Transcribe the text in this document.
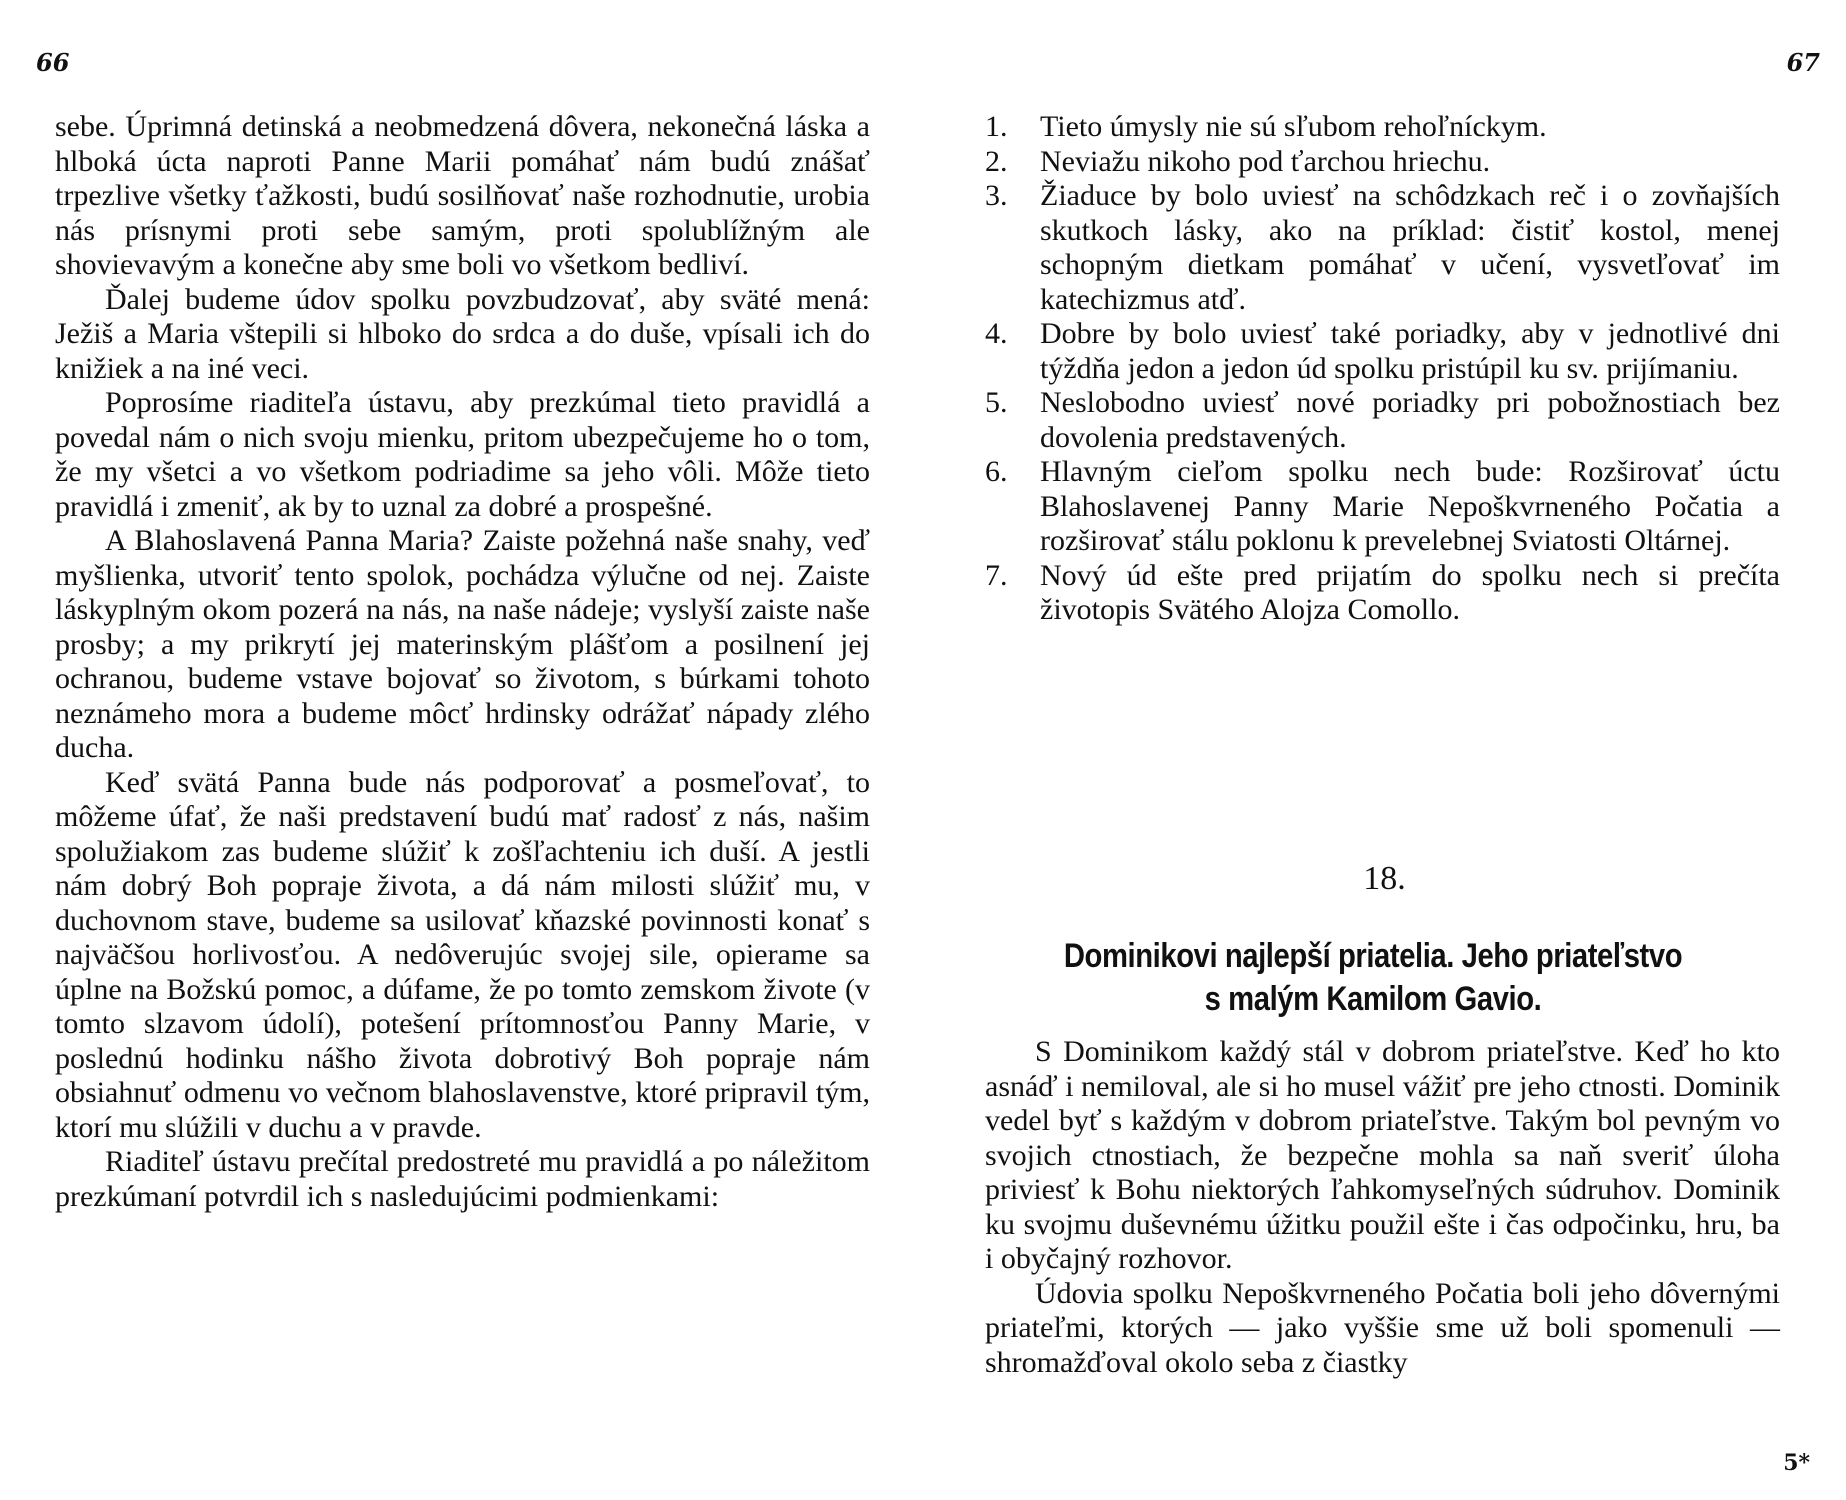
66

sebe. Úprimná detinská a neobmedzená dôvera, nekonečná láska a hlboká úcta naproti Panne Marii pomáhať nám budú znášať trpezlive všetky ťažkosti, budú sosilňovať naše rozhodnutie, urobia nás prísnymi proti sebe samým, proti spolublížným ale shovievavým a konečne aby sme boli vo všetkom bedliví.

Ďalej budeme údov spolku povzbudzovať, aby sväté mená: Ježiš a Maria vštepili si hlboko do srdca a do duše, vpísali ich do knižiek a na iné veci.

Poprosíme riaditeľa ústavu, aby prezkúmal tieto pravidlá a povedal nám o nich svoju mienku, pritom ubezpečujeme ho o tom, že my všetci a vo všetkom podriadime sa jeho vôli. Môže tieto pravidlá i zmeniť, ak by to uznal za dobré a prospešné.

A Blahoslavená Panna Maria? Zaiste požehná naše snahy, veď myšlienka, utvoriť tento spolok, pochádza výlučne od nej. Zaiste láskyplným okom pozerá na nás, na naše nádeje; vyslyší zaiste naše prosby; a my prikrytí jej materinským plášťom a posilnení jej ochranou, budeme vstave bojovať so životom, s búrkami tohoto neznámeho mora a budeme môcť hrdinsky odrážať nápady zlého ducha.

Keď svätá Panna bude nás podporovať a posmeľovať, to môžeme úfať, že naši predstavení budú mať radosť z nás, našim spolužiakom zas budeme slúžiť k zošľachteniu ich duší. A jestli nám dobrý Boh popraje života, a dá nám milosti slúžiť mu, v duchovnom stave, budeme sa usilovať kňazské povinnosti konať s najväčšou horlivosťou. A nedôverujúc svojej sile, opierame sa úplne na Božskú pomoc, a dúfame, že po tomto zemskom živote (v tomto slzavom údolí), potešení prítomnosťou Panny Marie, v poslednú hodinku nášho života dobrotivý Boh popraje nám obsiahnuť odmenu vo večnom blahoslavenstve, ktoré pripravil tým, ktorí mu slúžili v duchu a v pravde.

Riaditeľ ústavu prečítal predostreté mu pravidlá a po náležitom prezkúmaní potvrdil ich s nasledujúcimi podmienkami:

67
1. Tieto úmysly nie sú sľubom rehoľníckym.
2. Neviažu nikoho pod ťarchou hriechu.
3. Žiaduce by bolo uviesť na schôdzkach reč i o zovňajších skutkoch lásky, ako na príklad: čistiť kostol, menej schopným dietkam pomáhať v učení, vysvetľovať im katechizmus atď.
4. Dobre by bolo uviesť také poriadky, aby v jednotlivé dni týždňa jedon a jedon úd spolku pristúpil ku sv. prijímaniu.
5. Neslobodno uviesť nové poriadky pri pobožnostiach bez dovolenia predstavených.
6. Hlavným cieľom spolku nech bude: Rozširovať úctu Blahoslavenej Panny Marie Nepoškvrneného Počatia a rozširovať stálu poklonu k prevelebnej Sviatosti Oltárnej.
7. Nový úd ešte pred prijatím do spolku nech si prečíta životopis Svätého Alojza Comollo.
18.
Dominikovi najlepší priatelia. Jeho priateľstvo
s malým Kamilom Gavio.

S Dominikom každý stál v dobrom priateľstve. Keď ho kto asnáď i nemiloval, ale si ho musel vážiť pre jeho ctnosti. Dominik vedel byť s každým v dobrom priateľstve. Takým bol pevným vo svojich ctnostiach, že bezpečne mohla sa naň sveriť úloha priviesť k Bohu niektorých ľahkomyseľných súdruhov. Dominik ku svojmu duševnému úžitku použil ešte i čas odpočinku, hru, ba i obyčajný rozhovor.

Údovia spolku Nepoškvrneného Počatia boli jeho dôvernými priateľmi, ktorých — jako vyššie sme už boli spomenuli — shromažďoval okolo seba z čiastky

5*
